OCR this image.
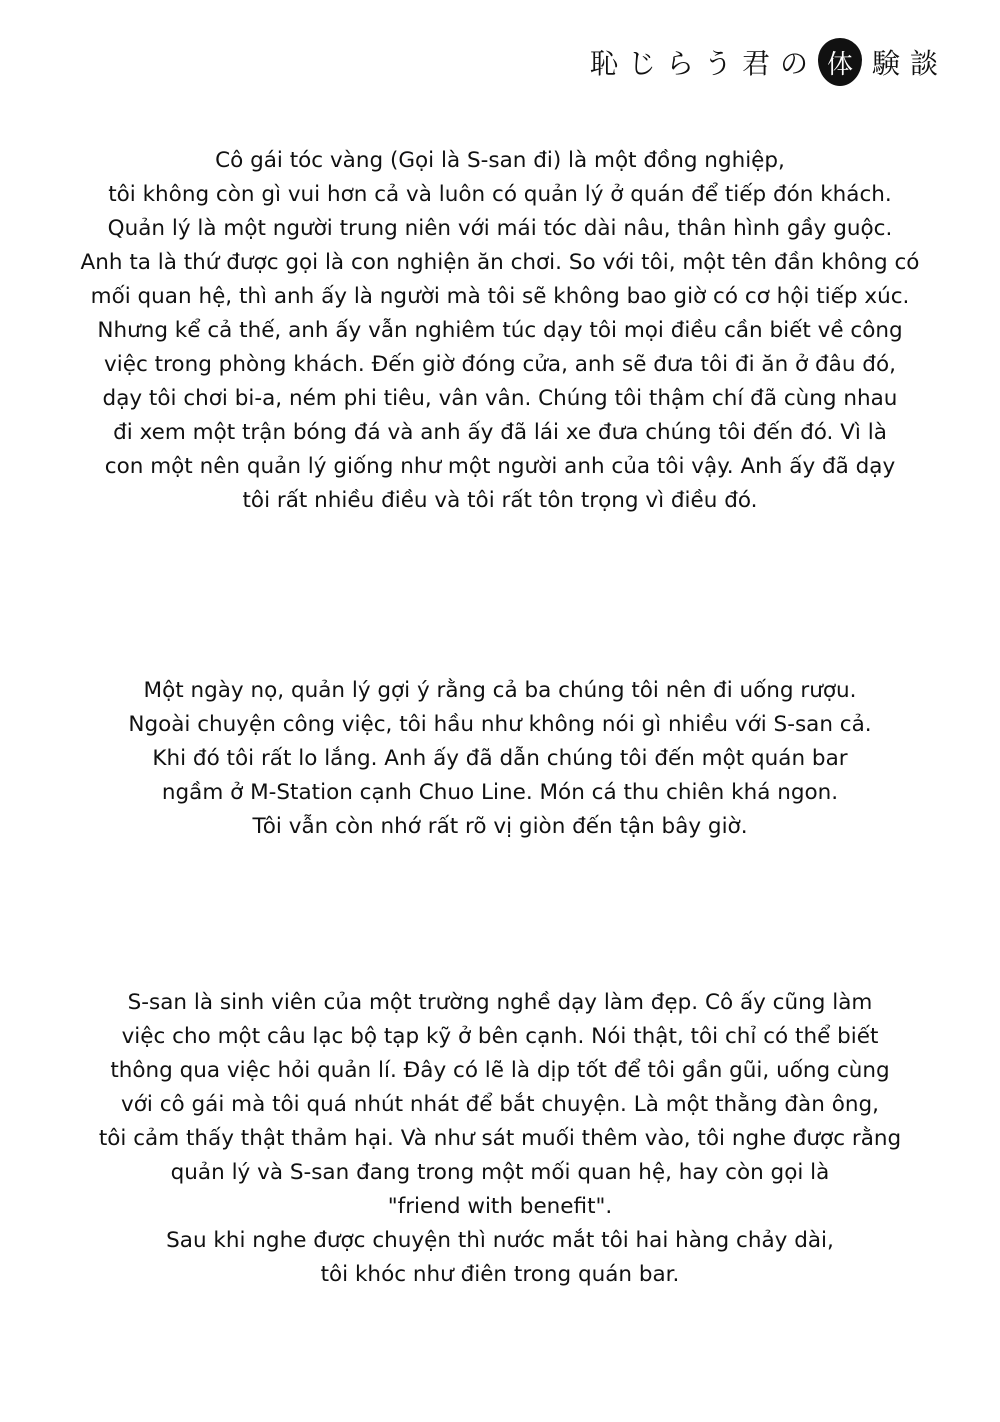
恥じらう君の 体 験談
Cô gái tóc vàng (Gọi là S-san đi) là một đồng nghiệp,
tôi không còn gì vui hơn cả và luôn có quản lý ở quán để tiếp đón khách.
Quản lý là một người trung niên với mái tóc dài nâu, thân hình gầy guộc.
Anh ta là thứ được gọi là con nghiện ăn chơi. So với tôi, một tên đần không có
mối quan hệ, thì anh ấy là người mà tôi sẽ không bao giờ có cơ hội tiếp xúc.
Nhưng kể cả thế, anh ấy vẫn nghiêm túc dạy tôi mọi điều cần biết về công
việc trong phòng khách. Đến giờ đóng cửa, anh sẽ đưa tôi đi ăn ở đâu đó,
dạy tôi chơi bi-a, ném phi tiêu, vân vân. Chúng tôi thậm chí đã cùng nhau
đi xem một trận bóng đá và anh ấy đã lái xe đưa chúng tôi đến đó. Vì là
con một nên quản lý giống như một người anh của tôi vậy. Anh ấy đã dạy
tôi rất nhiều điều và tôi rất tôn trọng vì điều đó.
Một ngày nọ, quản lý gợi ý rằng cả ba chúng tôi nên đi uống rượu.
Ngoài chuyện công việc, tôi hầu như không nói gì nhiều với S-san cả.
Khi đó tôi rất lo lắng. Anh ấy đã dẫn chúng tôi đến một quán bar
ngầm ở M-Station cạnh Chuo Line. Món cá thu chiên khá ngon.
Tôi vẫn còn nhớ rất rõ vị giòn đến tận bây giờ.
S-san là sinh viên của một trường nghề dạy làm đẹp. Cô ấy cũng làm
việc cho một câu lạc bộ tạp kỹ ở bên cạnh. Nói thật, tôi chỉ có thể biết
thông qua việc hỏi quản lí. Đây có lẽ là dịp tốt để tôi gần gũi, uống cùng
với cô gái mà tôi quá nhút nhát để bắt chuyện. Là một thằng đàn ông,
tôi cảm thấy thật thảm hại. Và như sát muối thêm vào, tôi nghe được rằng
quản lý và S-san đang trong một mối quan hệ, hay còn gọi là
"friend with benefit".
Sau khi nghe được chuyện thì nước mắt tôi hai hàng chảy dài,
tôi khóc như điên trong quán bar.
